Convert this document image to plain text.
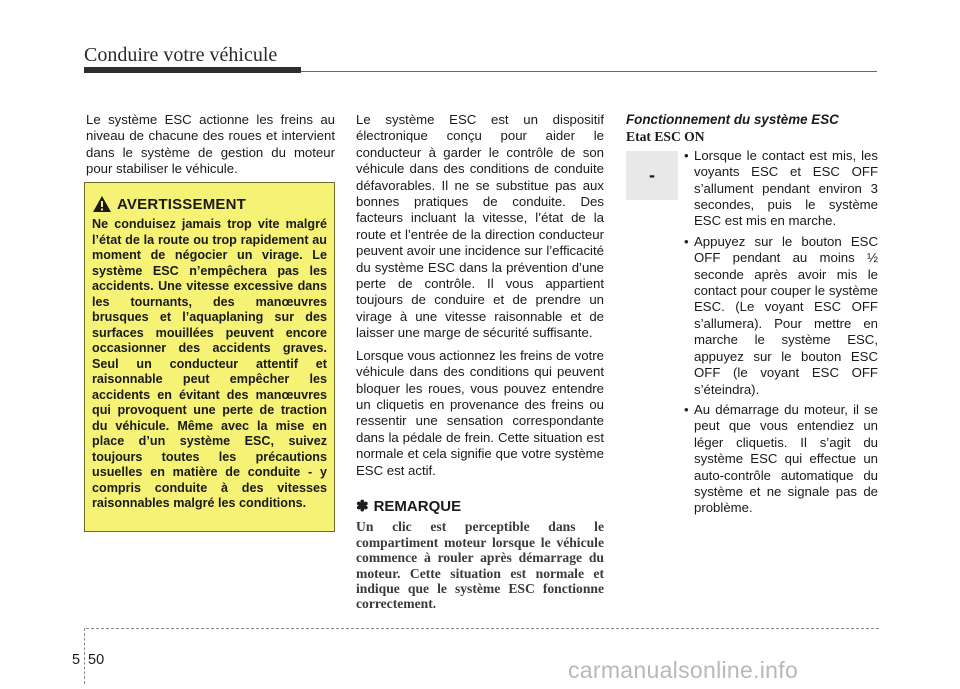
Conduire votre véhicule

Le système ESC actionne les freins au niveau de chacune des roues et intervient dans le système de gestion du moteur pour stabiliser le véhicule.

AVERTISSEMENT

Ne conduisez jamais trop vite malgré l’état de la route ou trop rapidement au moment de négocier un virage. Le système ESC n’empêchera pas les accidents. Une vitesse excessive dans les tournants, des manœuvres brusques et l’aquaplaning sur des surfaces mouillées peuvent encore occasionner des accidents graves. Seul un conducteur attentif et raisonnable peut empêcher les accidents en évitant des manœuvres qui provoquent une perte de traction du véhicule. Même avec la mise en place d’un système ESC, suivez toujours toutes les précautions usuelles en matière de conduite - y compris conduite à des vitesses raisonnables malgré les conditions.

Le système ESC est un dispositif électronique conçu pour aider le conducteur à garder le contrôle de son véhicule dans des conditions de conduite défavorables. Il ne se substitue pas aux bonnes pratiques de conduite. Des facteurs incluant la vitesse, l’état de la route et l’entrée de la direction conducteur peuvent avoir une incidence sur l’efficacité du système ESC dans la prévention d’une perte de contrôle. Il vous appartient toujours de conduire et de prendre un virage à une vitesse raisonnable et de laisser une marge de sécurité suffisante.

Lorsque vous actionnez les freins de votre véhicule dans des conditions qui peuvent bloquer les roues, vous pouvez entendre un cliquetis en provenance des freins ou ressentir une sensation correspondante dans la pédale de frein. Cette situation est normale et cela signifie que votre système ESC est actif.

✽ REMARQUE

Un clic est perceptible dans le compartiment moteur lorsque le véhicule commence à rouler après démarrage du moteur. Cette situation est normale et indique que le système ESC fonctionne correctement.

Fonctionnement du système ESC
Etat ESC ON
• Lorsque le contact est mis, les voyants ESC et ESC OFF s’allument pendant environ 3 secondes, puis le système ESC est mis en marche.
• Appuyez sur le bouton ESC OFF pendant au moins ½ seconde après avoir mis le contact pour couper le système ESC. (Le voyant ESC OFF s’allumera). Pour mettre en marche le système ESC, appuyez sur le bouton ESC OFF (le voyant ESC OFF s’éteindra).
• Au démarrage du moteur, il se peut que vous entendiez un léger cliquetis. Il s’agit du système ESC qui effectue un auto-contrôle automatique du système et ne signale pas de problème.
-
5 50	carmanualsonline.info
